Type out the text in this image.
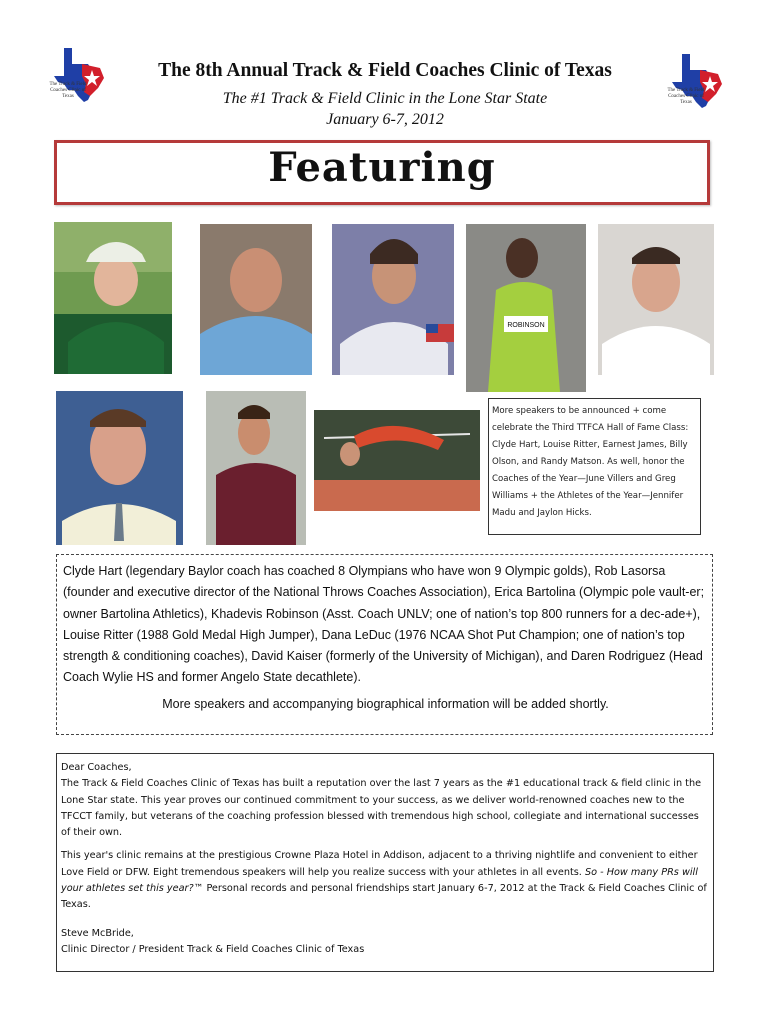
The Track & Field Coaches Clinic of Texas
The Track & Field Coaches Clinic of Texas
The 8th Annual Track & Field Coaches Clinic of Texas
The #1 Track & Field Clinic in the Lone Star State
January 6-7, 2012
Featuring
ROBINSON
More speakers to be announced + come celebrate the Third TTFCA Hall of Fame Class: Clyde Hart, Louise Ritter, Earnest James, Billy Olson, and Randy Matson. As well, honor the Coaches of the Year—June Villers and Greg Williams + the Athletes of the Year—Jennifer Madu and Jaylon Hicks.
Clyde Hart (legendary Baylor coach has coached 8 Olympians who have won 9 Olympic golds), Rob Lasorsa (founder and executive director of the National Throws Coaches Association), Erica Bartolina (Olympic pole vault-er; owner Bartolina Athletics), Khadevis Robinson (Asst. Coach UNLV; one of nation’s top 800 runners for a dec-ade+), Louise Ritter (1988 Gold Medal High Jumper), Dana LeDuc (1976 NCAA Shot Put Champion; one of nation’s top strength & conditioning coaches), David Kaiser (formerly of the University of Michigan), and Daren Rodriguez (Head Coach Wylie HS and former Angelo State decathlete).
More speakers and accompanying biographical information will be added shortly.

Dear Coaches,

The Track & Field Coaches Clinic of Texas has built a reputation over the last 7 years as the #1 educational track & field clinic in the Lone Star state. This year proves our continued commitment to your success, as we deliver world-renowned coaches new to the TFCCT family, but veterans of the coaching profession blessed with tremendous high school, collegiate and international successes of their own.

This year's clinic remains at the prestigious Crowne Plaza Hotel in Addison, adjacent to a thriving nightlife and convenient to either Love Field or DFW. Eight tremendous speakers will help you realize success with your athletes in all events. So - How many PRs will your athletes set this year?™ Personal records and personal friendships start January 6-7, 2012 at the Track & Field Coaches Clinic of Texas.

Steve McBride,
Clinic Director / President Track & Field Coaches Clinic of Texas
